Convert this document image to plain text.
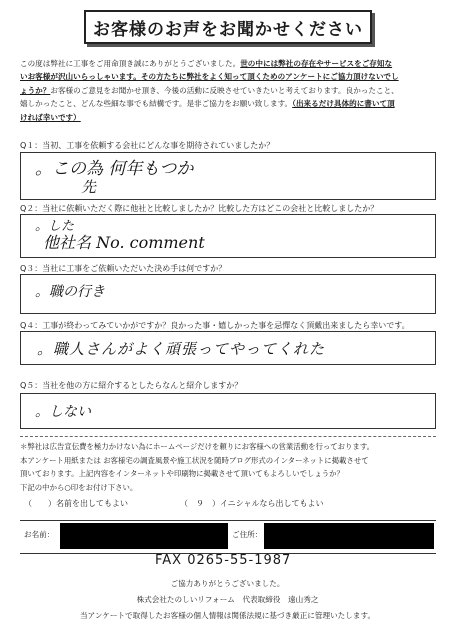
お客様のお声をお聞かせください
この度は弊社に工事をご用命頂き誠にありがとうございました。世の中には弊社の存在やサービスをご存知な
いお客様が沢山いらっしゃいます。その方たちに弊社をよく知って頂くためのアンケートにご協力頂けないでし
ょうか？お客様のご意見をお聞かせ頂き、今後の活動に反映させていきたいと考えております。良かったこと、
嬉しかったこと、どんな些細な事でも結構です。是非ご協力をお願い致します。（出来るだけ具体的に書いて頂
ければ幸いです）
Q１：当初、工事を依頼する会社にどんな事を期待されていましたか？
。この為 何年もつか
先
Q２：当社に依頼いただく際に他社と比較しましたか？比較した方はどこの会社と比較しましたか？
。した
他社名 No. comment
Q３：当社に工事をご依頼いただいた決め手は何ですか？
。職の行き
Q４：工事が終わってみていかがですか？良かった事・嬉しかった事を忌憚なく頂戴出来ましたら幸いです。
。職人さんがよく頑張ってやってくれた
Q５：当社を他の方に紹介するとしたらなんと紹介しますか？
。しない
＊弊社は広告宣伝費を極力かけない為にホームページだけを頼りにお客様への営業活動を行っております。
本アンケート用紙または お客様宅の調査風景や施工状況を随時ブログ形式のインターネットに掲載させて
頂いております。上記内容をインターネットや印刷物に掲載させて頂いてもよろしいでしょうか？
下記の中から○印をお付け下さい。
（　　）名前を出してもよい	（　９　）イニシャルなら出してもよい
お名前：	ご住所：
FAX 0265-55-1987
ご協力ありがとうございました。
株式会社たのしいリフォーム　代表取締役　遠山秀之
当アンケートで取得したお客様の個人情報は関係法規に基づき厳正に管理いたします。
